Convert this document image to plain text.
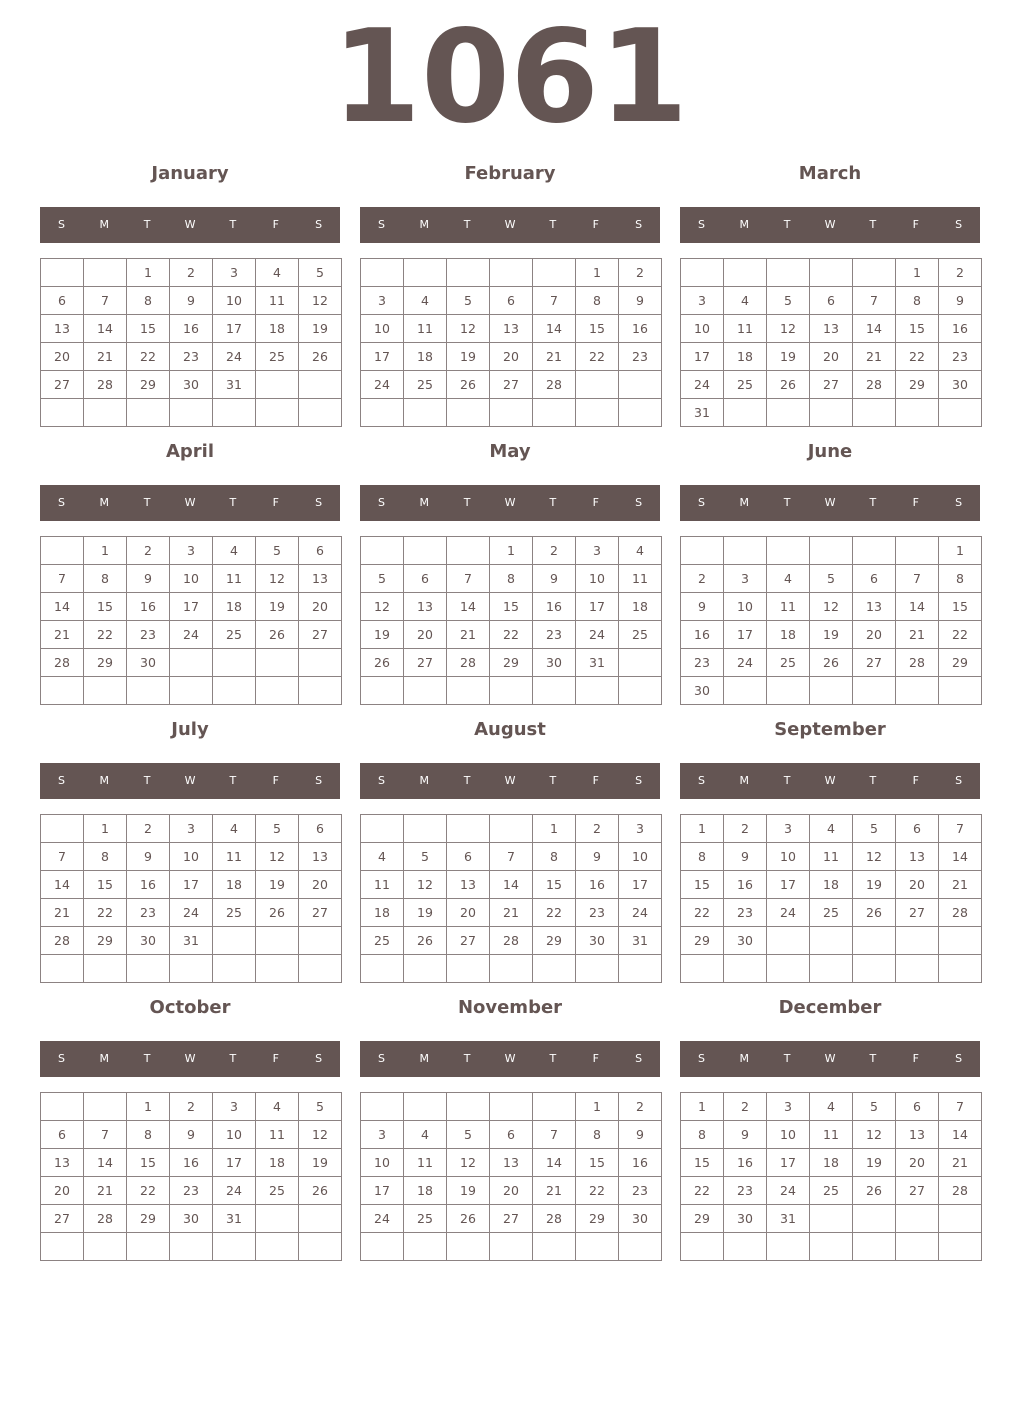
1061
January
S	M	T	W	T	F	S
		1	2	3	4	5
6	7	8	9	10	11	12
13	14	15	16	17	18	19
20	21	22	23	24	25	26
27	28	29	30	31		

February
S	M	T	W	T	F	S
					1	2
3	4	5	6	7	8	9
10	11	12	13	14	15	16
17	18	19	20	21	22	23
24	25	26	27	28		

March
S	M	T	W	T	F	S
					1	2
3	4	5	6	7	8	9
10	11	12	13	14	15	16
17	18	19	20	21	22	23
24	25	26	27	28	29	30
31						
April
S	M	T	W	T	F	S
	1	2	3	4	5	6
7	8	9	10	11	12	13
14	15	16	17	18	19	20
21	22	23	24	25	26	27
28	29	30				

May
S	M	T	W	T	F	S
			1	2	3	4
5	6	7	8	9	10	11
12	13	14	15	16	17	18
19	20	21	22	23	24	25
26	27	28	29	30	31	

June
S	M	T	W	T	F	S
						1
2	3	4	5	6	7	8
9	10	11	12	13	14	15
16	17	18	19	20	21	22
23	24	25	26	27	28	29
30						
July
S	M	T	W	T	F	S
	1	2	3	4	5	6
7	8	9	10	11	12	13
14	15	16	17	18	19	20
21	22	23	24	25	26	27
28	29	30	31			

August
S	M	T	W	T	F	S
				1	2	3
4	5	6	7	8	9	10
11	12	13	14	15	16	17
18	19	20	21	22	23	24
25	26	27	28	29	30	31

September
S	M	T	W	T	F	S
1	2	3	4	5	6	7
8	9	10	11	12	13	14
15	16	17	18	19	20	21
22	23	24	25	26	27	28
29	30					

October
S	M	T	W	T	F	S
		1	2	3	4	5
6	7	8	9	10	11	12
13	14	15	16	17	18	19
20	21	22	23	24	25	26
27	28	29	30	31		

November
S	M	T	W	T	F	S
					1	2
3	4	5	6	7	8	9
10	11	12	13	14	15	16
17	18	19	20	21	22	23
24	25	26	27	28	29	30

December
S	M	T	W	T	F	S
1	2	3	4	5	6	7
8	9	10	11	12	13	14
15	16	17	18	19	20	21
22	23	24	25	26	27	28
29	30	31				
